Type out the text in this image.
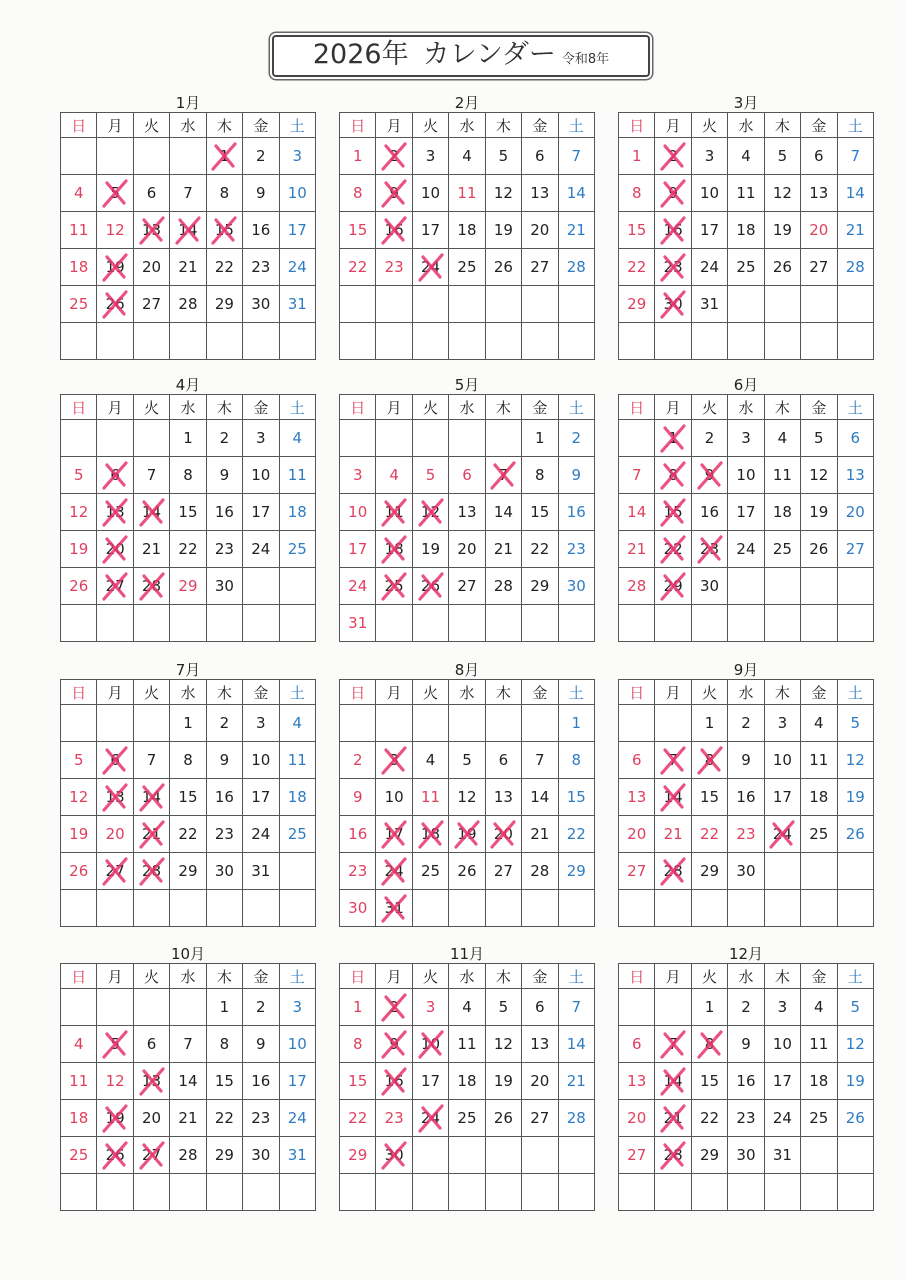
2026年 カレンダー 令和8年
1月
日	月	火	水	木	金	土
				1	2	3
4	5	6	7	8	9	10
11	12	13	14	15	16	17
18	19	20	21	22	23	24
25	26	27	28	29	30	31

2月
日	月	火	水	木	金	土
1	2	3	4	5	6	7
8	9	10	11	12	13	14
15	16	17	18	19	20	21
22	23	24	25	26	27	28

3月
日	月	火	水	木	金	土
1	2	3	4	5	6	7
8	9	10	11	12	13	14
15	16	17	18	19	20	21
22	23	24	25	26	27	28
29	30	31				

4月
日	月	火	水	木	金	土
			1	2	3	4
5	6	7	8	9	10	11
12	13	14	15	16	17	18
19	20	21	22	23	24	25
26	27	28	29	30		

5月
日	月	火	水	木	金	土
					1	2
3	4	5	6	7	8	9
10	11	12	13	14	15	16
17	18	19	20	21	22	23
24	25	26	27	28	29	30
31						
6月
日	月	火	水	木	金	土
	1	2	3	4	5	6
7	8	9	10	11	12	13
14	15	16	17	18	19	20
21	22	23	24	25	26	27
28	29	30				

7月
日	月	火	水	木	金	土
			1	2	3	4
5	6	7	8	9	10	11
12	13	14	15	16	17	18
19	20	21	22	23	24	25
26	27	28	29	30	31	

8月
日	月	火	水	木	金	土
						1
2	3	4	5	6	7	8
9	10	11	12	13	14	15
16	17	18	19	20	21	22
23	24	25	26	27	28	29
30	31

9月
日	月	火	水	木	金	土
		1	2	3	4	5
6	7	8	9	10	11	12
13	14	15	16	17	18	19
20	21	22	23	24	25	26
27	28	29	30			

10月
日	月	火	水	木	金	土
				1	2	3
4	5	6	7	8	9	10
11	12	13	14	15	16	17
18	19	20	21	22	23	24
25	26	27	28	29	30	31

11月
日	月	火	水	木	金	土
1	2	3	4	5	6	7
8	9	10	11	12	13	14
15	16	17	18	19	20	21
22	23	24	25	26	27	28
29	30

12月
日	月	火	水	木	金	土
		1	2	3	4	5
6	7	8	9	10	11	12
13	14	15	16	17	18	19
20	21	22	23	24	25	26
27	28	29	30	31		
